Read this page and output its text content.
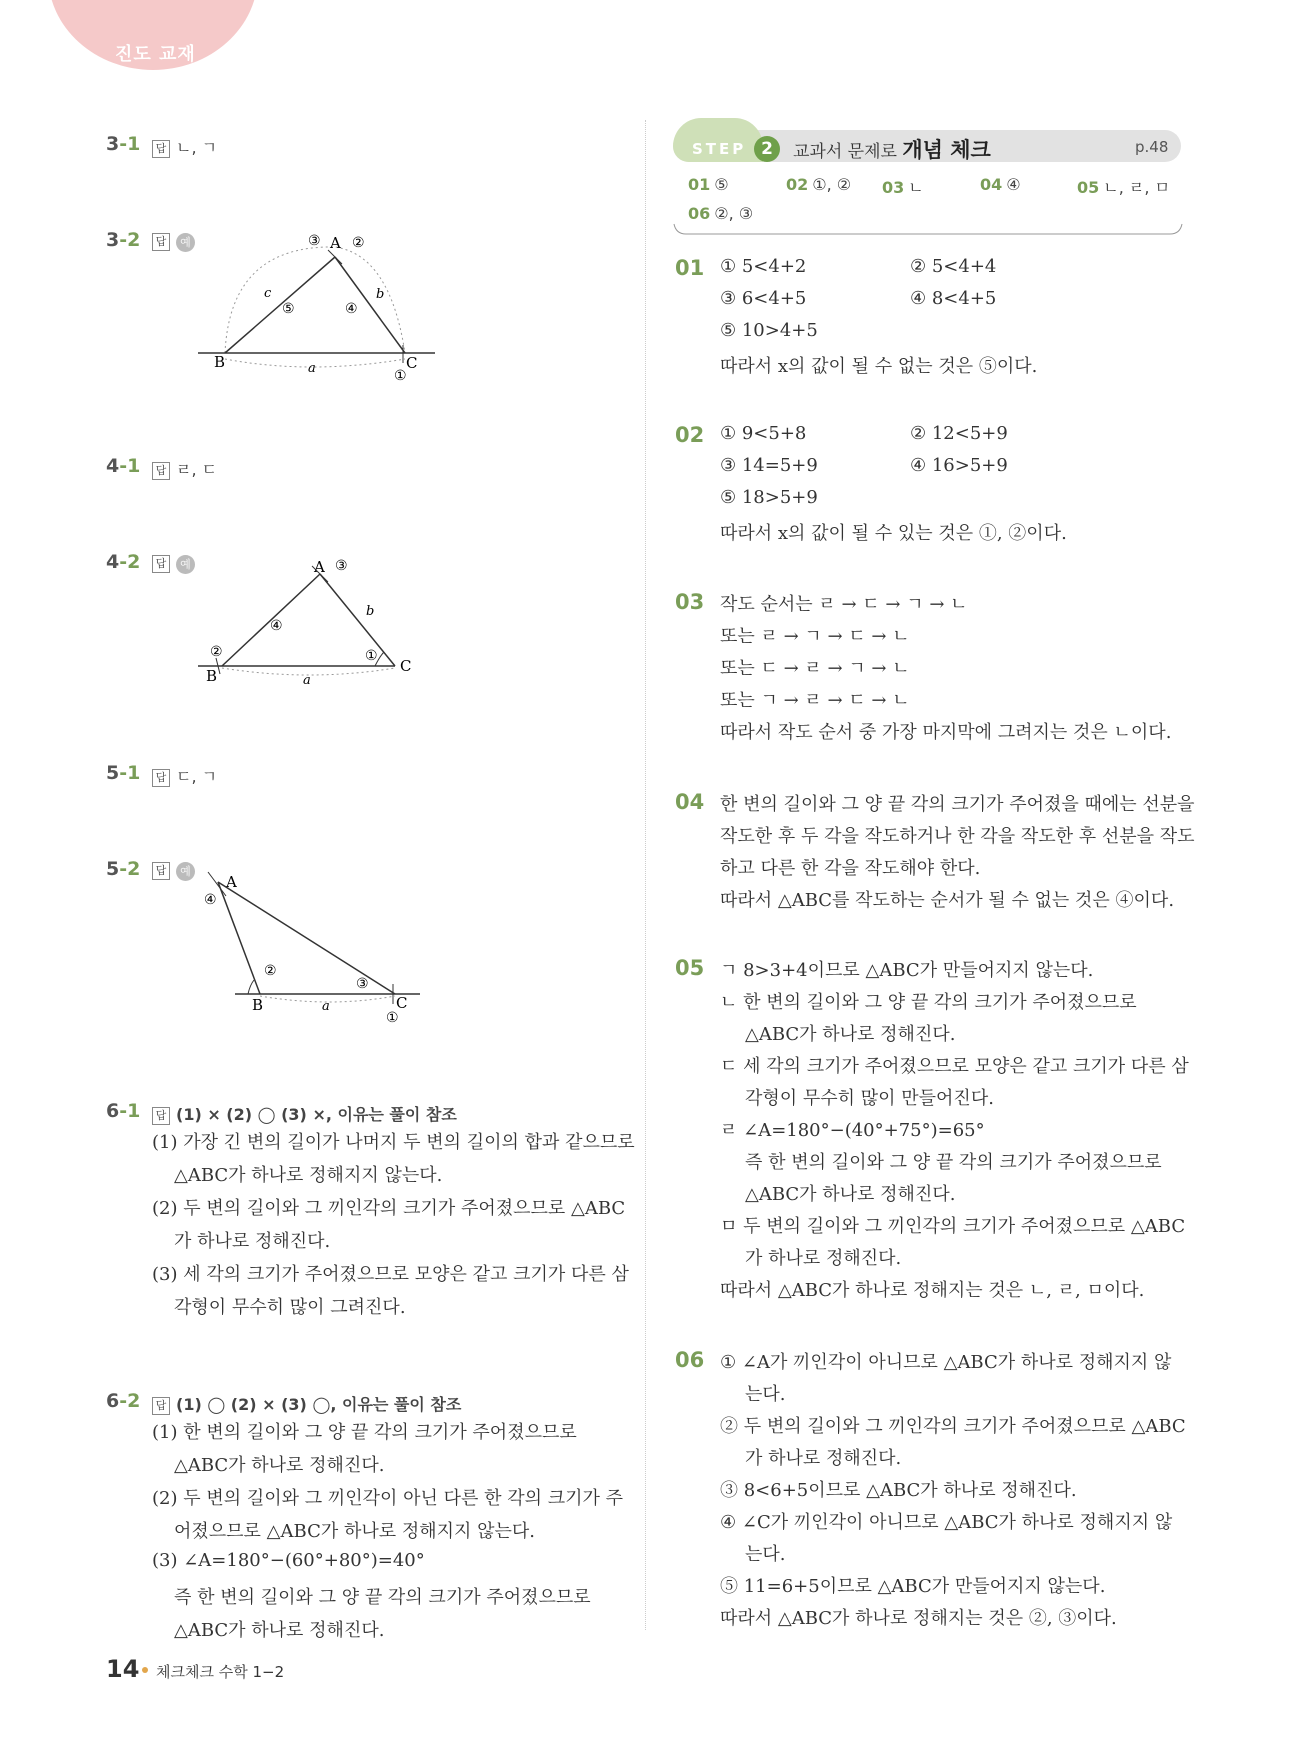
진도 교재
3-1	답 ㄴ, ㄱ
3-2	답 예	A
B	C
a
b
c
③ ②
⑤	④
①
4-1	답 ㄹ, ㄷ
4-2	답 예	A
B
C
a
b
③
④
②	①
5-1	답 ㄷ, ㄱ
5-2	답 예
A
B	C
a
④
②
③
①
6-1	답 (1) × (2) ◯ (3) ×, 이유는 풀이 참조
(1) 가장 긴 변의 길이가 나머지 두 변의 길이의 합과 같으므로
△ABC가 하나로 정해지지 않는다.
(2) 두 변의 길이와 그 끼인각의 크기가 주어졌으므로 △ABC
가 하나로 정해진다.
(3) 세 각의 크기가 주어졌으므로 모양은 같고 크기가 다른 삼
각형이 무수히 많이 그려진다.
6-2	답 (1) ◯ (2) × (3) ◯, 이유는 풀이 참조
(1) 한 변의 길이와 그 양 끝 각의 크기가 주어졌으므로
△ABC가 하나로 정해진다.
(2) 두 변의 길이와 그 끼인각이 아닌 다른 한 각의 크기가 주
어졌으므로 △ABC가 하나로 정해지지 않는다.
(3) ∠A=180°−(60°+80°)=40°
즉 한 변의 길이와 그 양 끝 각의 크기가 주어졌으므로
△ABC가 하나로 정해진다.
STEP 2	교과서 문제로 개념 체크	p.48
01 ⑤	02 ①, ② 03 ㄴ	04 ④	05 ㄴ, ㄹ, ㅁ
06 ②, ③
01 ① 5<4+2	② 5<4+4
③ 6<4+5	④ 8<4+5
⑤ 10>4+5
따라서 x의 값이 될 수 없는 것은 ⑤이다.
02 ① 9<5+8	② 12<5+9
③ 14=5+9	④ 16>5+9
⑤ 18>5+9
따라서 x의 값이 될 수 있는 것은 ①, ②이다.
03 작도 순서는 ㄹ → ㄷ → ㄱ → ㄴ
또는 ㄹ → ㄱ → ㄷ → ㄴ
또는 ㄷ → ㄹ → ㄱ → ㄴ
또는 ㄱ → ㄹ → ㄷ → ㄴ
따라서 작도 순서 중 가장 마지막에 그려지는 것은 ㄴ이다.
04 한 변의 길이와 그 양 끝 각의 크기가 주어졌을 때에는 선분을
작도한 후 두 각을 작도하거나 한 각을 작도한 후 선분을 작도
하고 다른 한 각을 작도해야 한다.
따라서 △ABC를 작도하는 순서가 될 수 없는 것은 ④이다.
05 ㄱ 8>3+4이므로 △ABC가 만들어지지 않는다.
ㄴ 한 변의 길이와 그 양 끝 각의 크기가 주어졌으므로
△ABC가 하나로 정해진다.
ㄷ 세 각의 크기가 주어졌으므로 모양은 같고 크기가 다른 삼
각형이 무수히 많이 만들어진다.
ㄹ ∠A=180°−(40°+75°)=65°
즉 한 변의 길이와 그 양 끝 각의 크기가 주어졌으므로
△ABC가 하나로 정해진다.
ㅁ 두 변의 길이와 그 끼인각의 크기가 주어졌으므로 △ABC
가 하나로 정해진다.
따라서 △ABC가 하나로 정해지는 것은 ㄴ, ㄹ, ㅁ이다.
06 ① ∠A가 끼인각이 아니므로 △ABC가 하나로 정해지지 않
는다.
② 두 변의 길이와 그 끼인각의 크기가 주어졌으므로 △ABC
가 하나로 정해진다.
③ 8<6+5이므로 △ABC가 하나로 정해진다.
④ ∠C가 끼인각이 아니므로 △ABC가 하나로 정해지지 않
는다.
⑤ 11=6+5이므로 △ABC가 만들어지지 않는다.
따라서 △ABC가 하나로 정해지는 것은 ②, ③이다.
14 체크체크 수학 1−2
